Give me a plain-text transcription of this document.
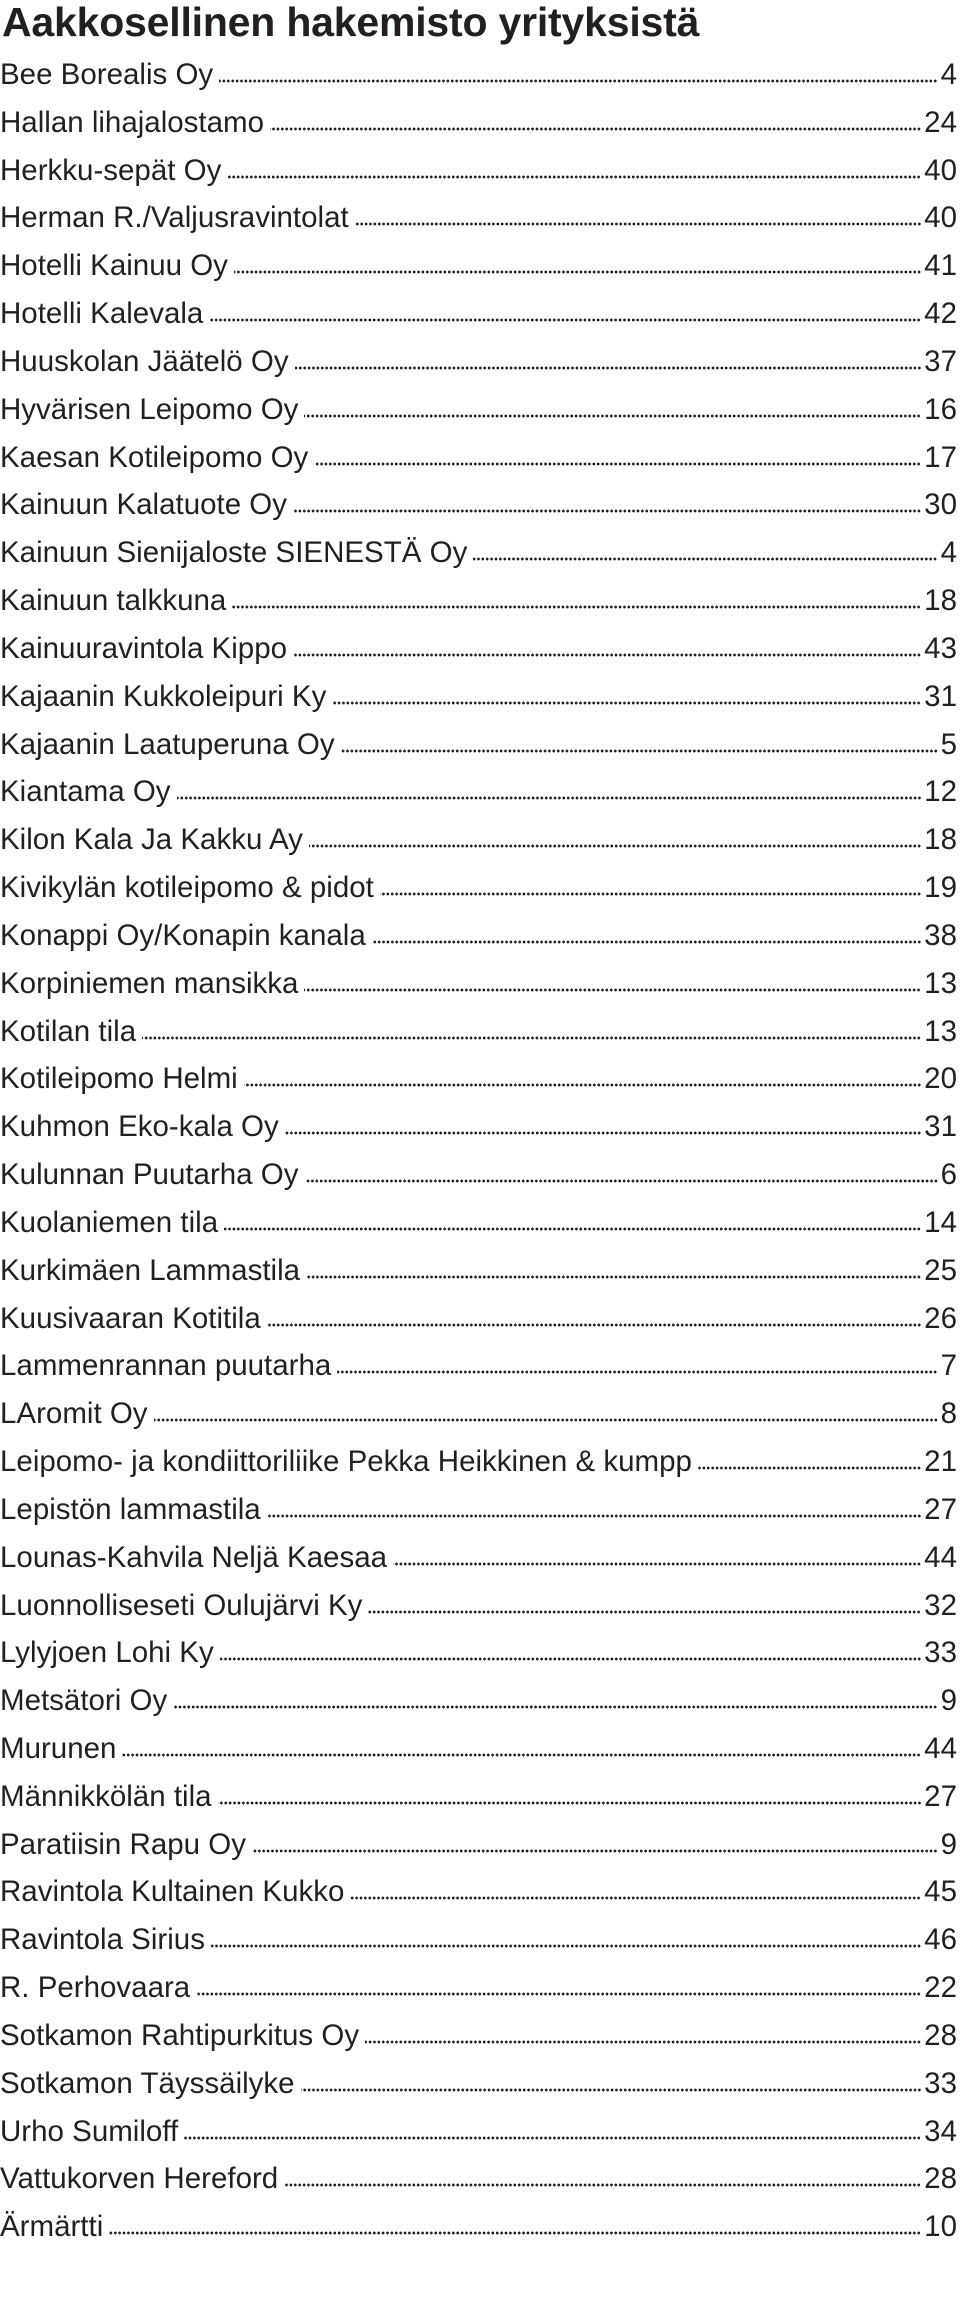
Aakkosellinen hakemisto yrityksistä
Bee Borealis Oy	4
Hallan lihajalostamo	24
Herkku-sepät Oy	40
Herman R./Valjusravintolat	40
Hotelli Kainuu Oy	41
Hotelli Kalevala	42
Huuskolan Jäätelö Oy	37
Hyvärisen Leipomo Oy	16
Kaesan Kotileipomo Oy	17
Kainuun Kalatuote Oy	30
Kainuun Sienijaloste SIENESTÄ Oy	4
Kainuun talkkuna	18
Kainuuravintola Kippo	43
Kajaanin Kukkoleipuri Ky	31
Kajaanin Laatuperuna Oy	5
Kiantama Oy	12
Kilon Kala Ja Kakku Ay	18
Kivikylän kotileipomo & pidot	19
Konappi Oy/Konapin kanala	38
Korpiniemen mansikka	13
Kotilan tila	13
Kotileipomo Helmi	20
Kuhmon Eko-kala Oy	31
Kulunnan Puutarha Oy	6
Kuolaniemen tila	14
Kurkimäen Lammastila	25
Kuusivaaran Kotitila	26
Lammenrannan puutarha	7
LAromit Oy	8
Leipomo- ja kondiittoriliike Pekka Heikkinen & kumpp	21
Lepistön lammastila	27
Lounas-Kahvila Neljä Kaesaa	44
Luonnolliseseti Oulujärvi Ky	32
Lylyjoen Lohi Ky	33
Metsätori Oy	9
Murunen	44
Männikkölän tila	27
Paratiisin Rapu Oy	9
Ravintola Kultainen Kukko	45
Ravintola Sirius	46
R. Perhovaara	22
Sotkamon Rahtipurkitus Oy	28
Sotkamon Täyssäilyke	33
Urho Sumiloff	34
Vattukorven Hereford	28
Ärmärtti	10
